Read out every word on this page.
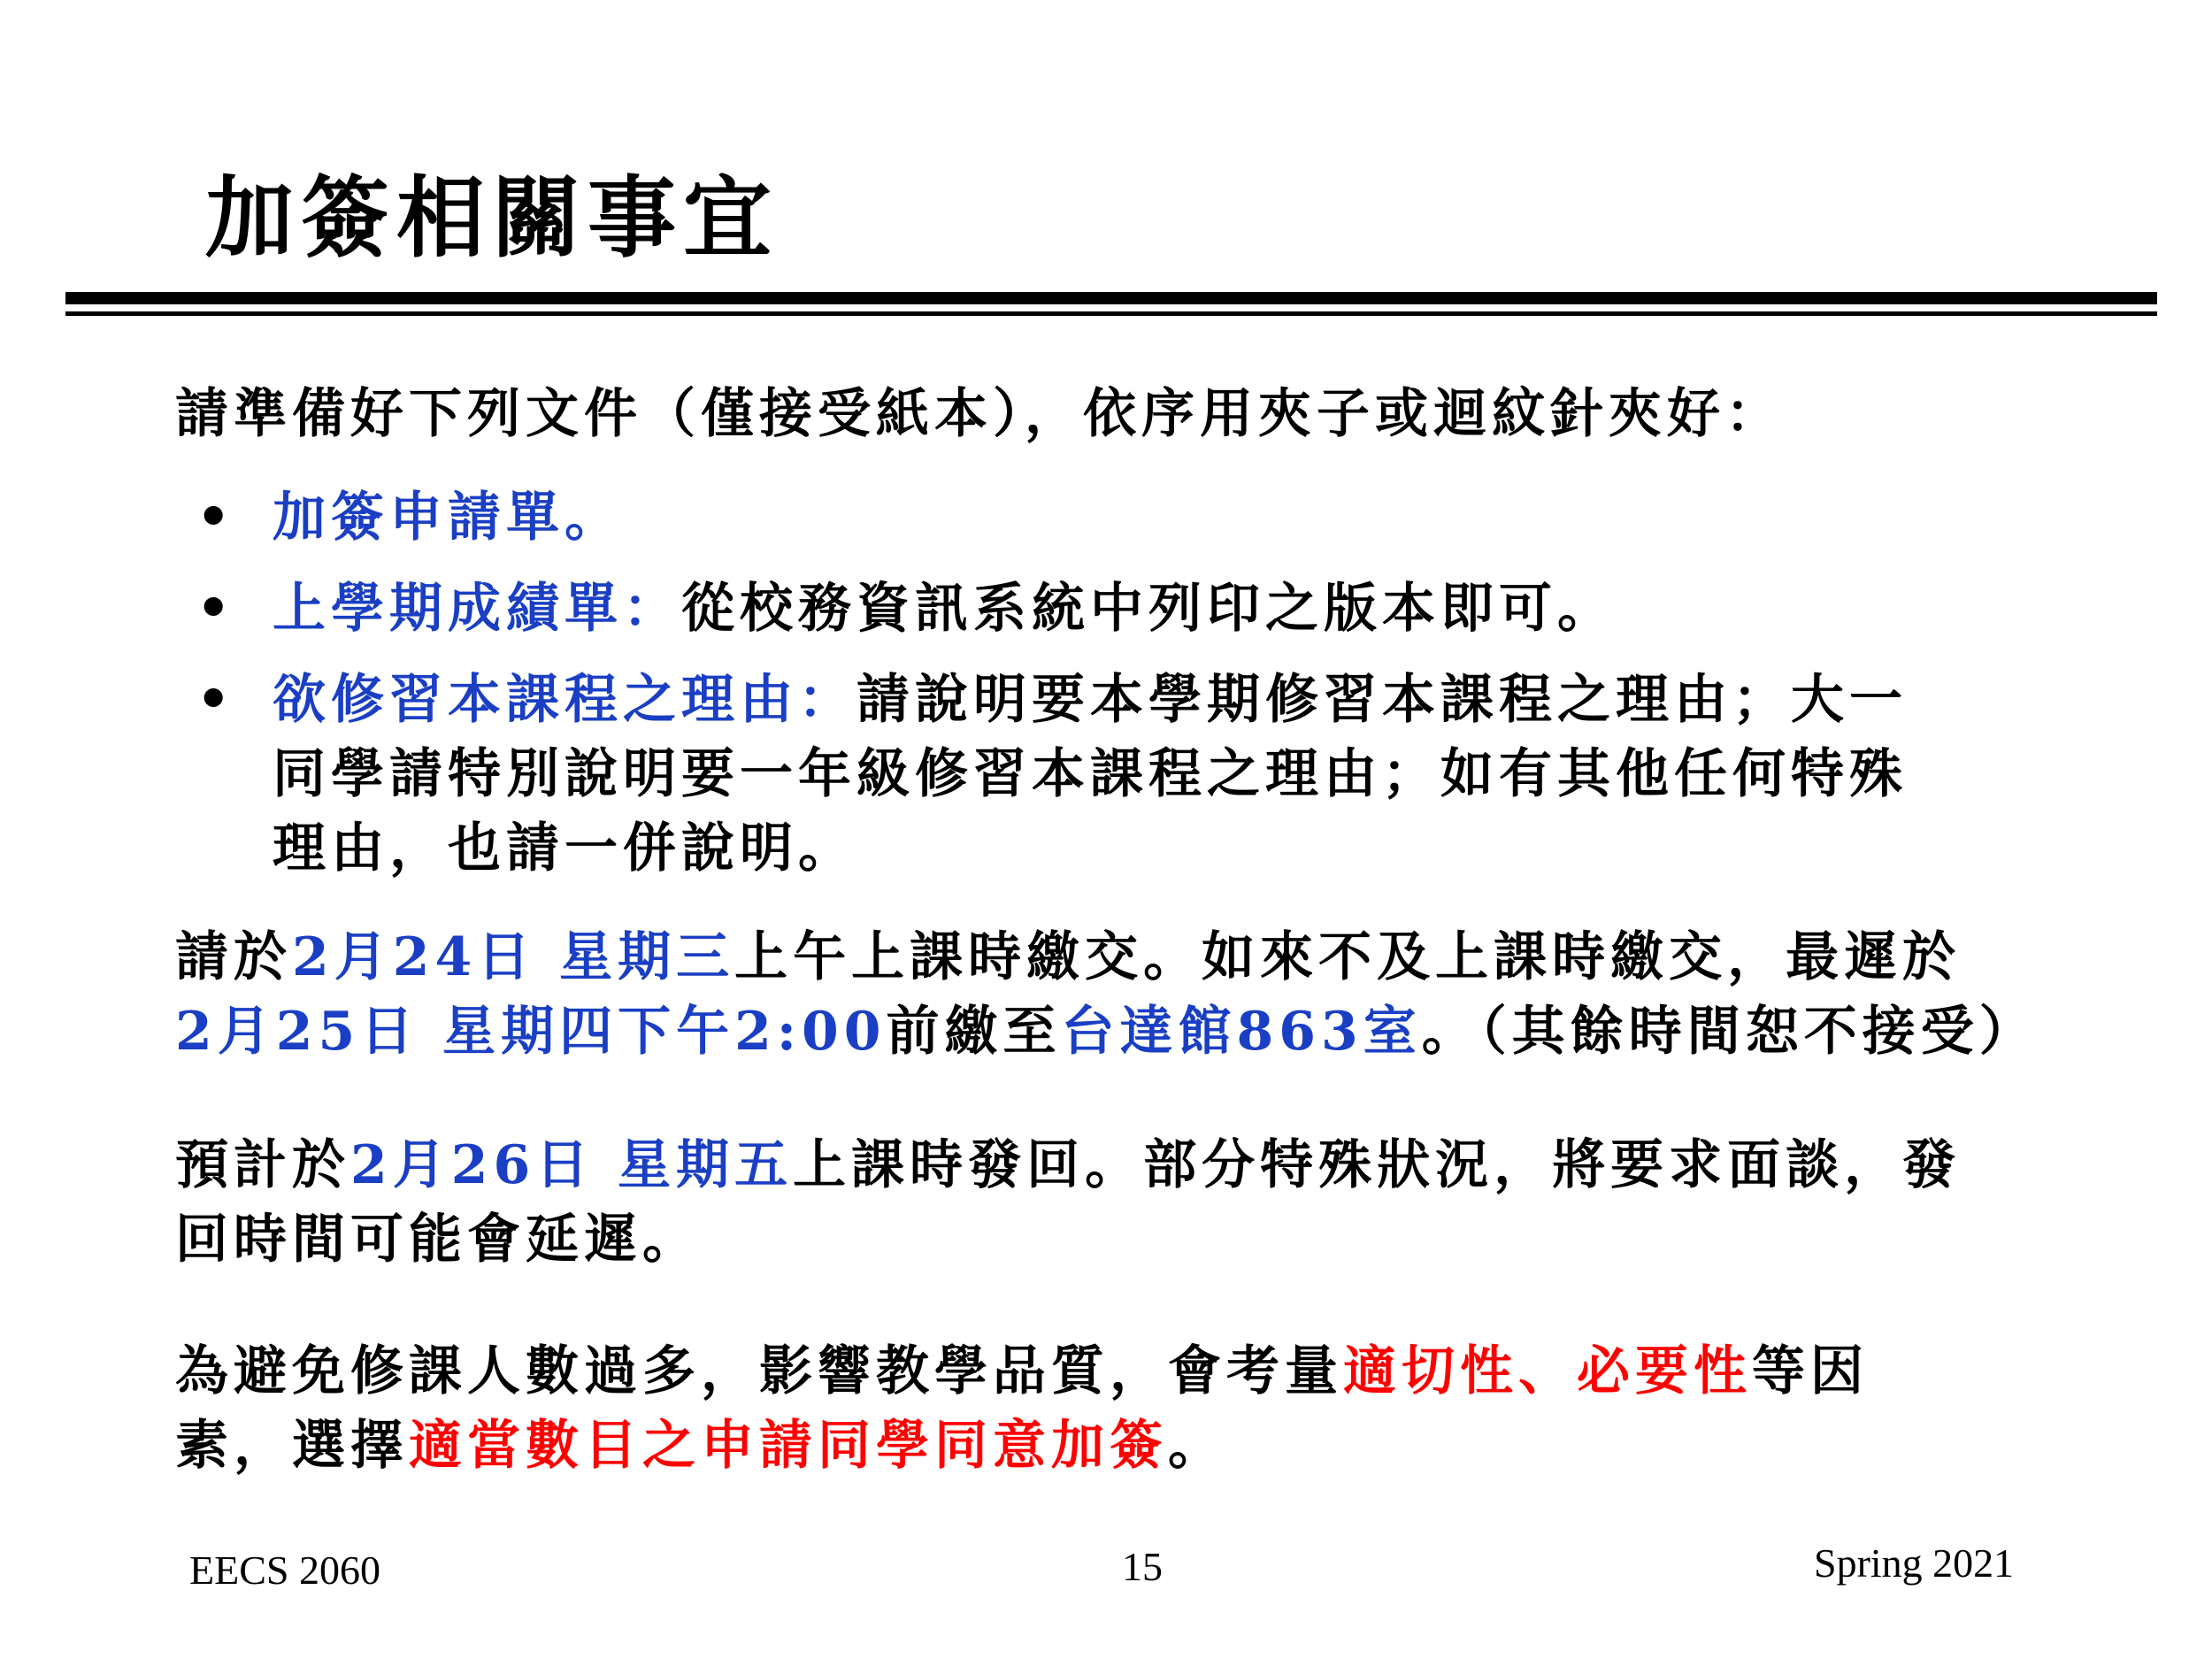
加簽相關事宜
請準備好下列文件（僅接受紙本），依序用夾子或迴紋針夾好：
• 加簽申請單。
• 上學期成績單：從校務資訊系統中列印之版本即可。
• 欲修習本課程之理由：請說明要本學期修習本課程之理由；大一
同學請特別說明要一年級修習本課程之理由；如有其他任何特殊
理由，也請一併說明。
請於2月24日 星期三上午上課時繳交。如來不及上課時繳交，最遲於
2月25日 星期四下午2:00前繳至台達館863室。（其餘時間恕不接受）
預計於2月26日 星期五上課時發回。部分特殊狀況，將要求面談，發
回時間可能會延遲。
為避免修課人數過多，影響教學品質，會考量適切性、必要性等因
素，選擇適當數目之申請同學同意加簽。
EECS 2060	15	Spring 2021
